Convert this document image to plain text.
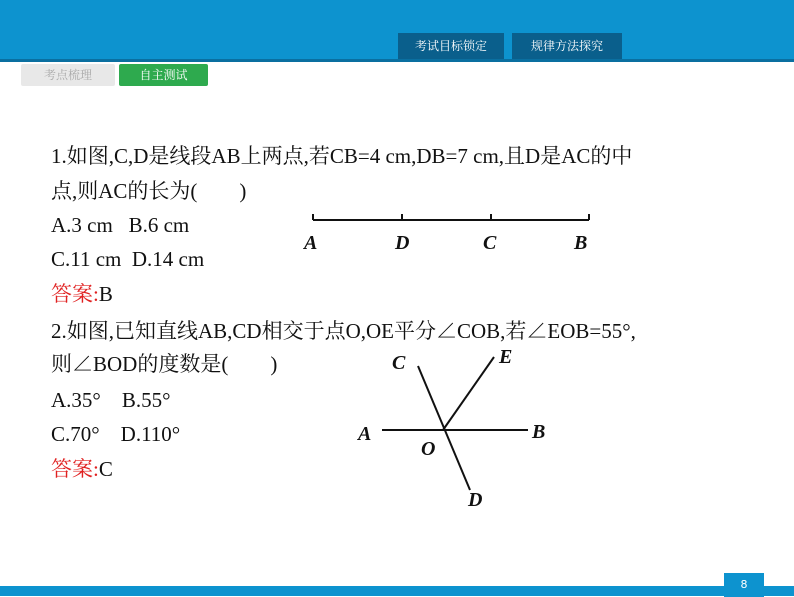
考试目标锁定	规律方法探究
考点梳理	自主测试
1.如图,C,D是线段AB上两点,若CB=4 cm,DB=7 cm,且D是AC的中
点,则AC的长为(　　)
A.3 cm   B.6 cm
C.11 cm  D.14 cm
答案:B
2.如图,已知直线AB,CD相交于点O,OE平分∠COB,若∠EOB=55°,
则∠BOD的度数是(　　)
A.35°    B.55°
C.70°    D.110°
答案:C
A	D	C	B
C	E
A	B
O
D
8
